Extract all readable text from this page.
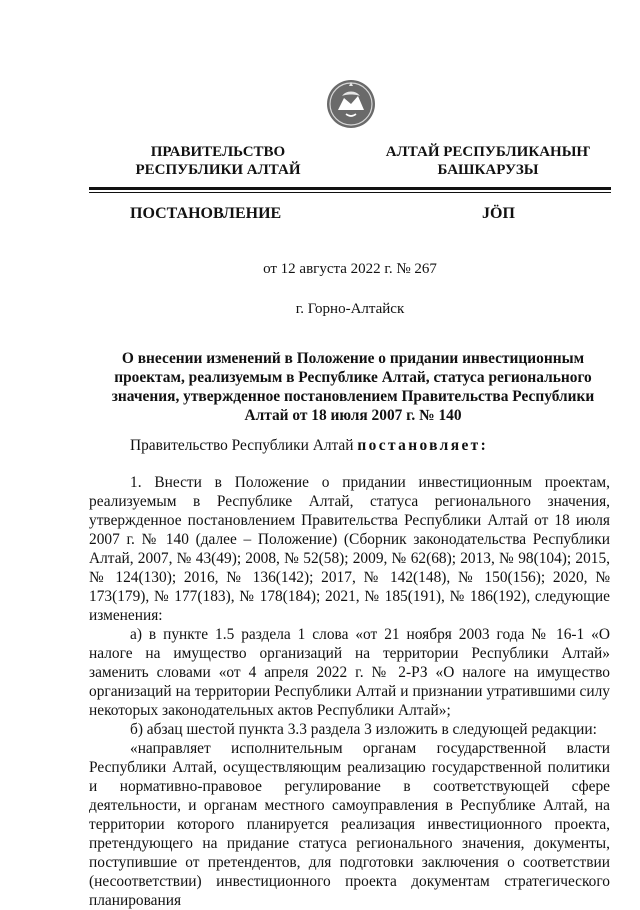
ПРАВИТЕЛЬСТВО
РЕСПУБЛИКИ АЛТАЙ
АЛТАЙ РЕСПУБЛИКАНЫҤ
БАШКАРУЗЫ
ПОСТАНОВЛЕНИЕ	JӦП
от 12 августа 2022 г. № 267
г. Горно-Алтайск
О внесении изменений в Положение о придании инвестиционным проектам, реализуемым в Республике Алтай, статуса регионального значения, утвержденное постановлением Правительства Республики Алтай от 18 июля 2007 г. № 140
Правительство Республики Алтай постановляет:

1. Внести в Положение о придании инвестиционным проектам, реализуемым в Республике Алтай, статуса регионального значения, утвержденное постановлением Правительства Республики Алтай от 18 июля 2007 г. № 140 (далее – Положение) (Сборник законодательства Республики Алтай, 2007, № 43(49); 2008, № 52(58); 2009, № 62(68); 2013, № 98(104); 2015, № 124(130); 2016, № 136(142); 2017, № 142(148), № 150(156); 2020, № 173(179), № 177(183), № 178(184); 2021, № 185(191), № 186(192), следующие изменения:

а) в пункте 1.5 раздела 1 слова «от 21 ноября 2003 года № 16-1 «О налоге на имущество организаций на территории Республики Алтай» заменить словами «от 4 апреля 2022 г. № 2-РЗ «О налоге на имущество организаций на территории Республики Алтай и признании утратившими силу некоторых законодательных актов Республики Алтай»;

б) абзац шестой пункта 3.3 раздела 3 изложить в следующей редакции:

«направляет исполнительным органам государственной власти Республики Алтай, осуществляющим реализацию государственной политики и нормативно-правовое регулирование в соответствующей сфере деятельности, и органам местного самоуправления в Республике Алтай, на территории которого планируется реализация инвестиционного проекта, претендующего на придание статуса регионального значения, документы, поступившие от претендентов, для подготовки заключения о соответствии (несоответствии) инвестиционного проекта документам стратегического планирования
